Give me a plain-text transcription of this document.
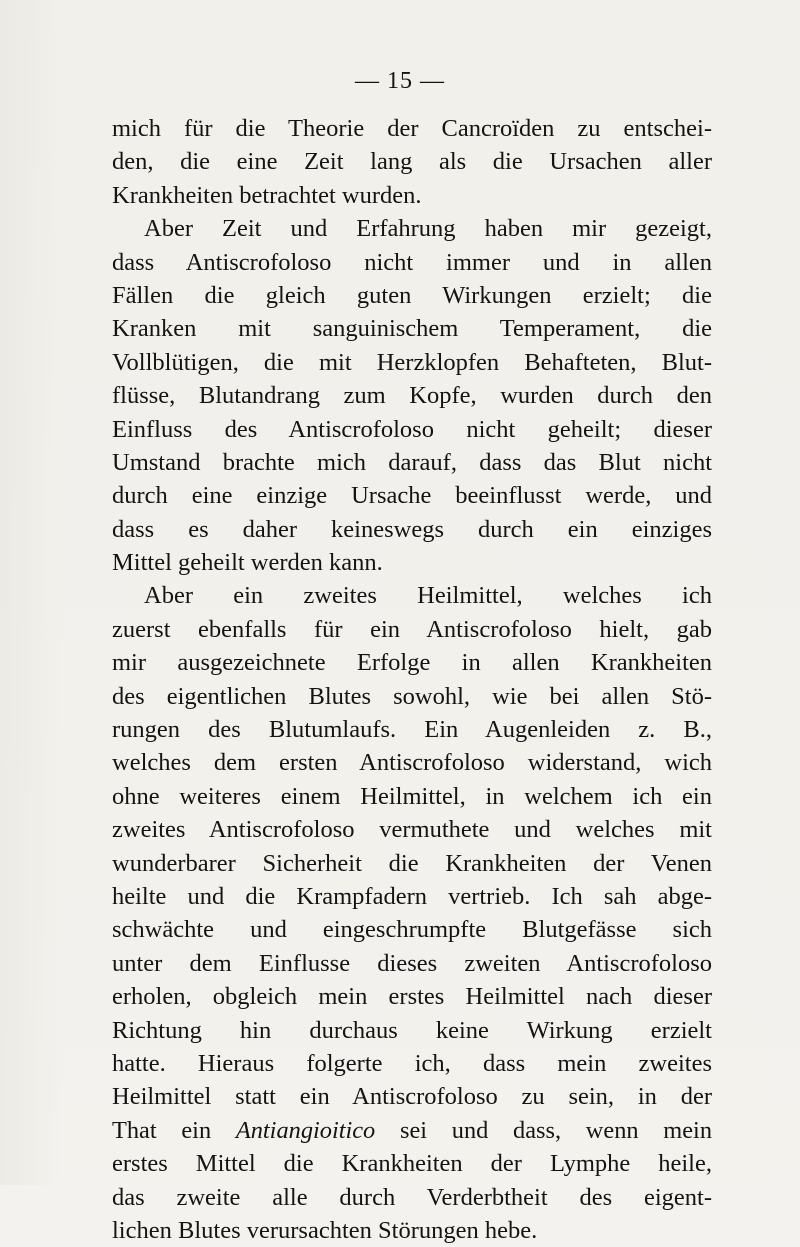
— 15 —
mich für die Theorie der Cancroïden zu entschei-
den, die eine Zeit lang als die Ursachen aller
Krankheiten betrachtet wurden.
Aber Zeit und Erfahrung haben mir gezeigt,
dass Antiscrofoloso nicht immer und in allen
Fällen die gleich guten Wirkungen erzielt; die
Kranken mit sanguinischem Temperament, die
Vollblütigen, die mit Herzklopfen Behafteten, Blut-
flüsse, Blutandrang zum Kopfe, wurden durch den
Einfluss des Antiscrofoloso nicht geheilt; dieser
Umstand brachte mich darauf, dass das Blut nicht
durch eine einzige Ursache beeinflusst werde, und
dass es daher keineswegs durch ein einziges
Mittel geheilt werden kann.
Aber ein zweites Heilmittel, welches ich
zuerst ebenfalls für ein Antiscrofoloso hielt, gab
mir ausgezeichnete Erfolge in allen Krankheiten
des eigentlichen Blutes sowohl, wie bei allen Stö-
rungen des Blutumlaufs. Ein Augenleiden z. B.,
welches dem ersten Antiscrofoloso widerstand, wich
ohne weiteres einem Heilmittel, in welchem ich ein
zweites Antiscrofoloso vermuthete und welches mit
wunderbarer Sicherheit die Krankheiten der Venen
heilte und die Krampfadern vertrieb. Ich sah abge-
schwächte und eingeschrumpfte Blutgefässe sich
unter dem Einflusse dieses zweiten Antiscrofoloso
erholen, obgleich mein erstes Heilmittel nach dieser
Richtung hin durchaus keine Wirkung erzielt
hatte. Hieraus folgerte ich, dass mein zweites
Heilmittel statt ein Antiscrofoloso zu sein, in der
That ein Antiangioitico sei und dass, wenn mein
erstes Mittel die Krankheiten der Lymphe heile,
das zweite alle durch Verderbtheit des eigent-
lichen Blutes verursachten Störungen hebe.
